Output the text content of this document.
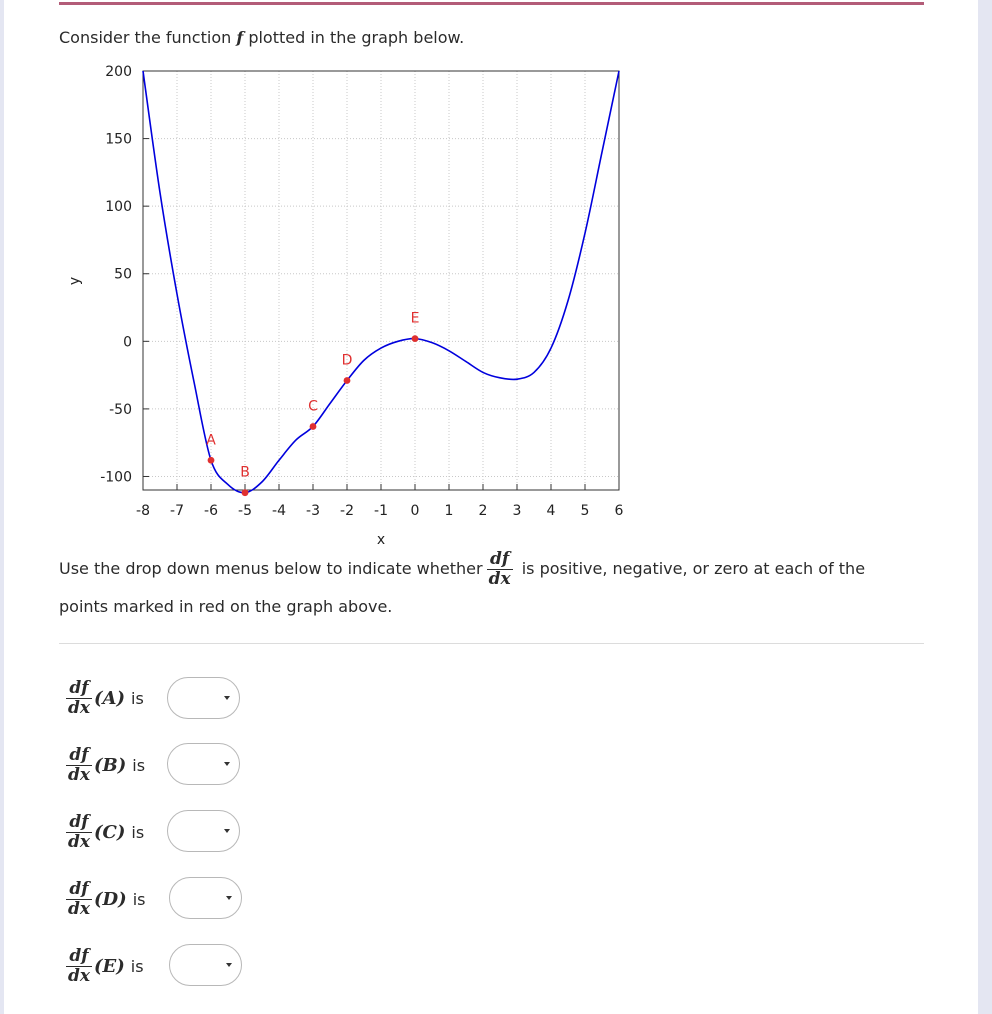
Consider the function f plotted in the graph below.
-8 -7 -6 -5 -4 -3 -2 -1 0 1 2 3 4 5 6
200
150
100
50
0
-50
-100
A
B
C
D
E
x
y
Use the drop down menus below to indicate whether $\frac{df}{dx}$ is positive, negative, or zero at each of the points marked in red on the graph above.
$\frac{df}{dx} (A)$ is
$\frac{df}{dx} (B)$ is
$\frac{df}{dx} (C)$ is
$\frac{df}{dx} (D)$ is
$\frac{df}{dx} (E)$ is
